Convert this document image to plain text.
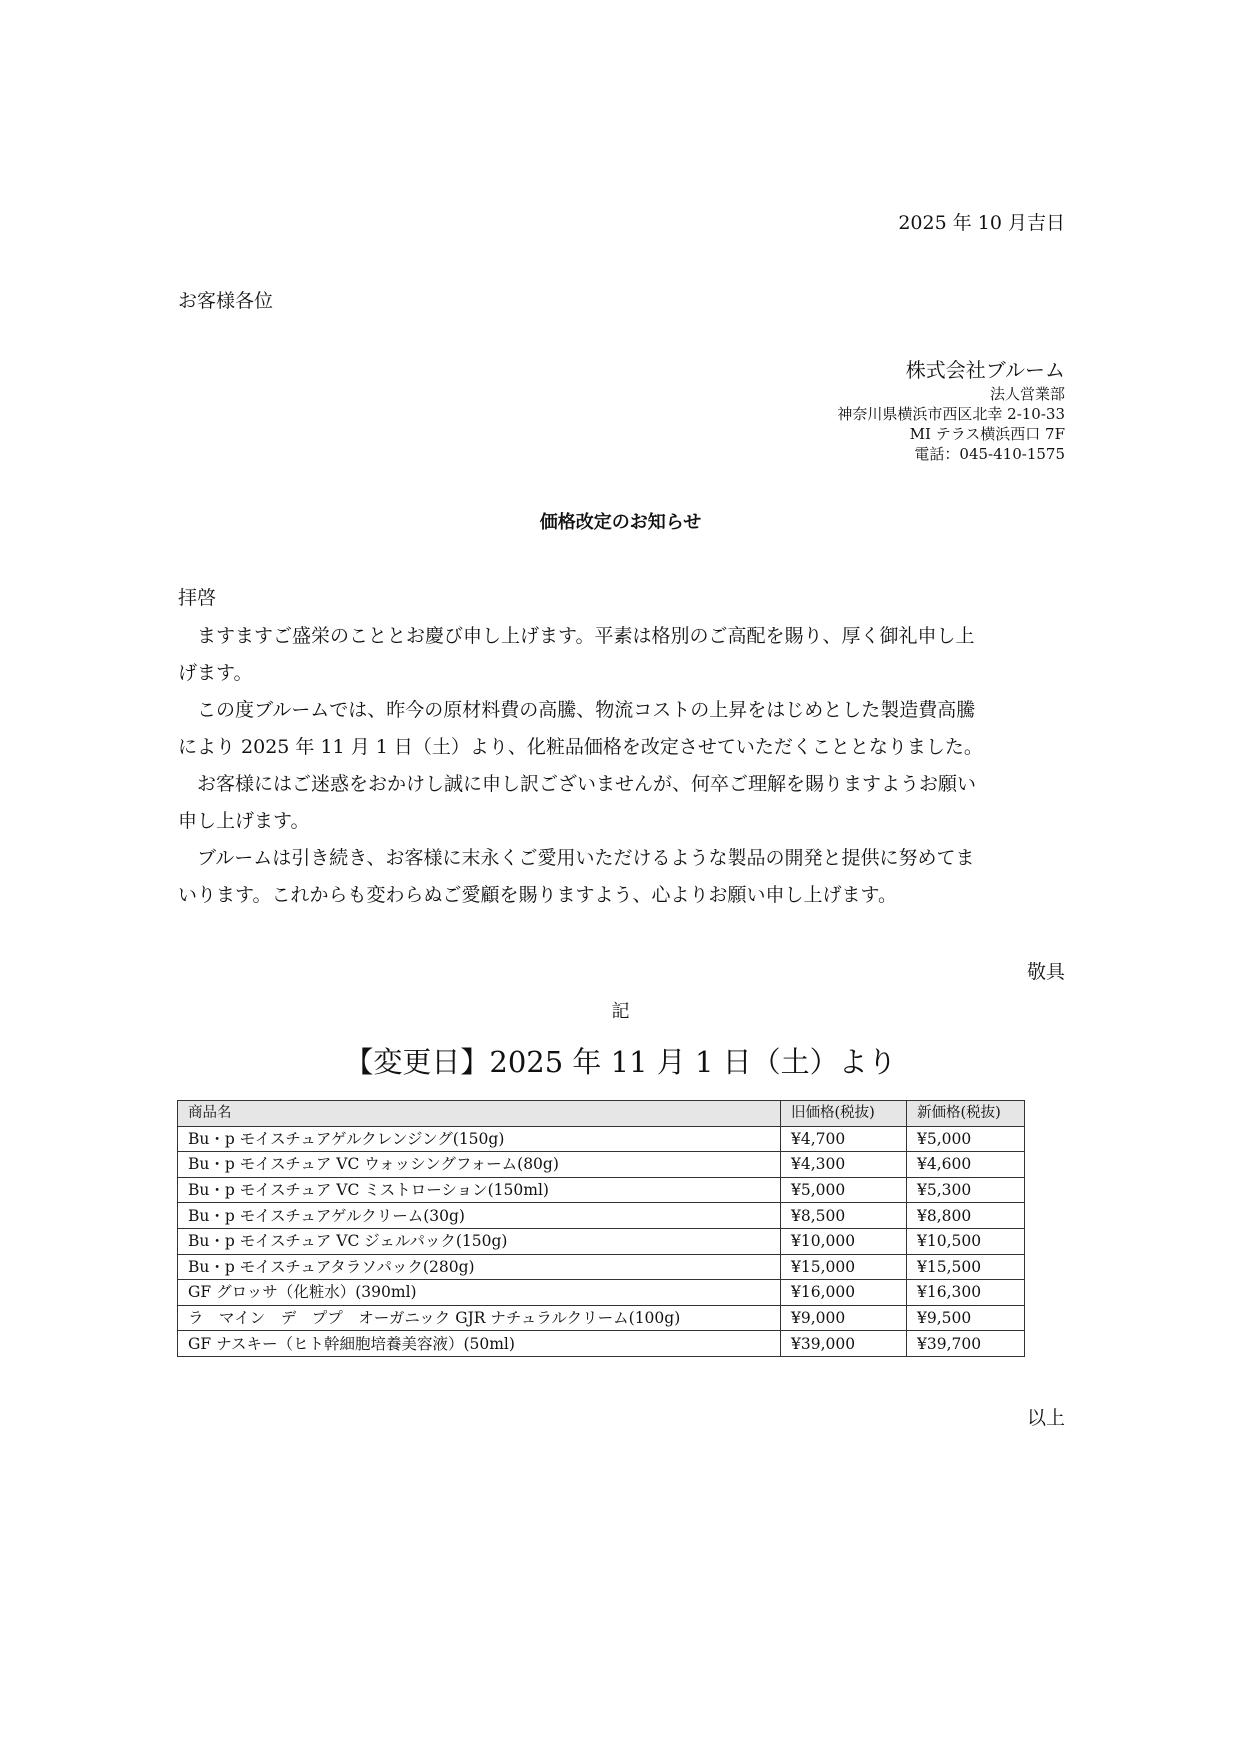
2025 年 10 月吉日
お客様各位
株式会社ブルーム
法人営業部
神奈川県横浜市西区北幸 2-10-33
MI テラス横浜西口 7F
電話：045-410-1575
価格改定のお知らせ
拝啓

ますますご盛栄のこととお慶び申し上げます。平素は格別のご高配を賜り、厚く御礼申し上
げます。

この度ブルームでは、昨今の原材料費の高騰、物流コストの上昇をはじめとした製造費高騰
により 2025 年 11 月 1 日（土）より、化粧品価格を改定させていただくこととなりました。

お客様にはご迷惑をおかけし誠に申し訳ございませんが、何卒ご理解を賜りますようお願い
申し上げます。

ブルームは引き続き、お客様に末永くご愛用いただけるような製品の開発と提供に努めてま
いります。これからも変わらぬご愛顧を賜りますよう、心よりお願い申し上げます。

敬具
記
【変更日】2025 年 11 月 1 日（土）より
商品名	旧価格(税抜)	新価格(税抜)
Bu・p モイスチュアゲルクレンジング(150g)	¥4,700	¥5,000
Bu・p モイスチュア VC ウォッシングフォーム(80g)	¥4,300	¥4,600
Bu・p モイスチュア VC ミストローション(150ml)	¥5,000	¥5,300
Bu・p モイスチュアゲルクリーム(30g)	¥8,500	¥8,800
Bu・p モイスチュア VC ジェルパック(150g)	¥10,000	¥10,500
Bu・p モイスチュアタラソパック(280g)	¥15,000	¥15,500
GF グロッサ（化粧水）(390ml)	¥16,000	¥16,300
ラ　マイン　デ　ププ　オーガニック GJR ナチュラルクリーム(100g)	¥9,000	¥9,500
GF ナスキー（ヒト幹細胞培養美容液）(50ml)	¥39,000	¥39,700
以上
